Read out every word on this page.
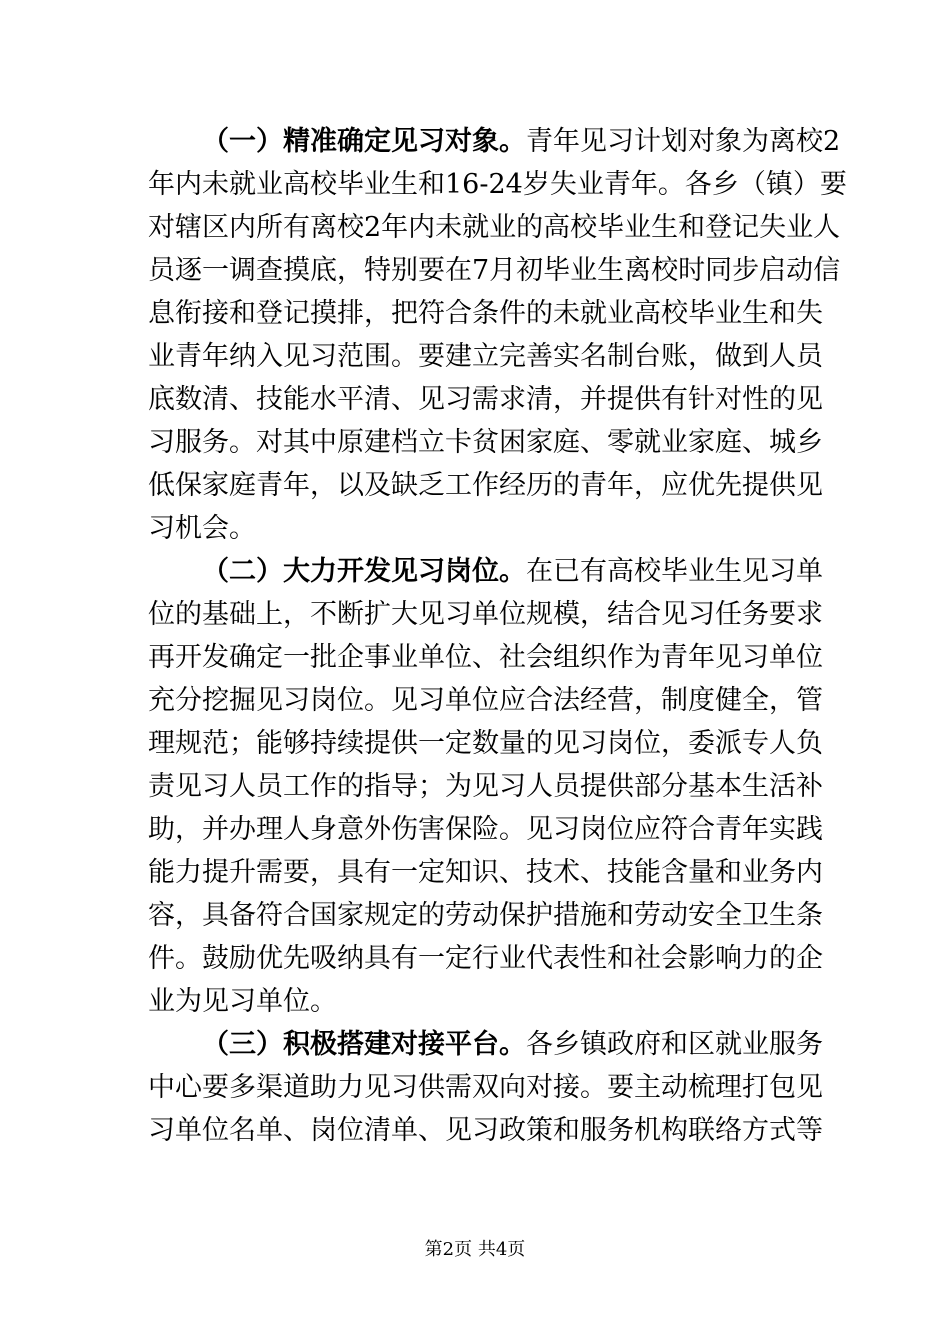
（一）精准确定见习对象。青年见习计划对象为离校2
年内未就业高校毕业生和16-24岁失业青年。各乡（镇）要
对辖区内所有离校2年内未就业的高校毕业生和登记失业人
员逐一调查摸底，特别要在7月初毕业生离校时同步启动信
息衔接和登记摸排，把符合条件的未就业高校毕业生和失
业青年纳入见习范围。要建立完善实名制台账，做到人员
底数清、技能水平清、见习需求清，并提供有针对性的见
习服务。对其中原建档立卡贫困家庭、零就业家庭、城乡
低保家庭青年，以及缺乏工作经历的青年，应优先提供见
习机会。
（二）大力开发见习岗位。在已有高校毕业生见习单
位的基础上，不断扩大见习单位规模，结合见习任务要求
再开发确定一批企事业单位、社会组织作为青年见习单位
充分挖掘见习岗位。见习单位应合法经营，制度健全，管
理规范；能够持续提供一定数量的见习岗位，委派专人负
责见习人员工作的指导；为见习人员提供部分基本生活补
助，并办理人身意外伤害保险。见习岗位应符合青年实践
能力提升需要，具有一定知识、技术、技能含量和业务内
容，具备符合国家规定的劳动保护措施和劳动安全卫生条
件。鼓励优先吸纳具有一定行业代表性和社会影响力的企
业为见习单位。
（三）积极搭建对接平台。各乡镇政府和区就业服务
中心要多渠道助力见习供需双向对接。要主动梳理打包见
习单位名单、岗位清单、见习政策和服务机构联络方式等
第2页 共4页
